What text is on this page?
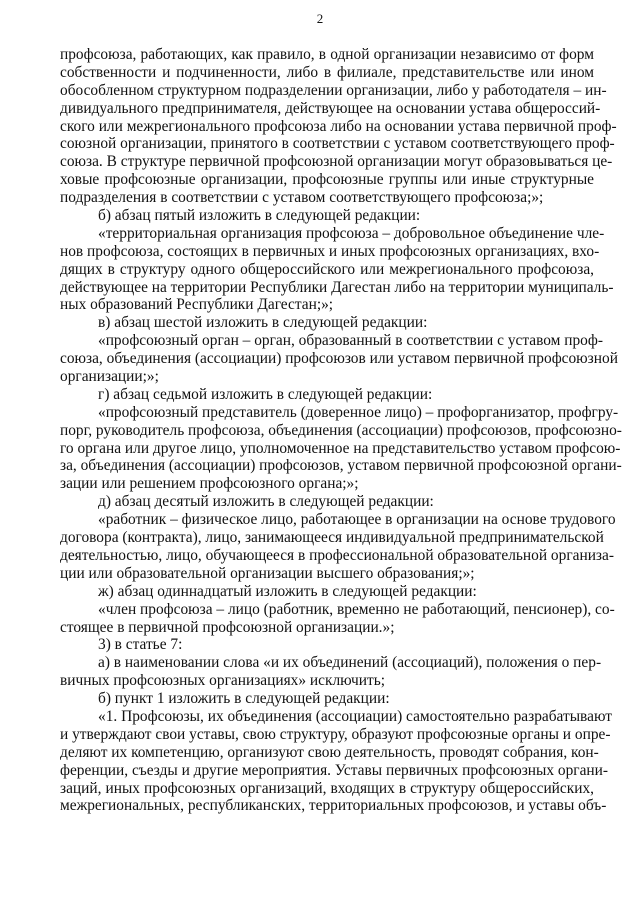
2
профсоюза, работающих, как правило, в одной организации независимо от форм
собственности и подчиненности, либо в филиале, представительстве или ином
обособленном структурном подразделении организации, либо у работодателя – ин-
дивидуального предпринимателя, действующее на основании устава общероссий-
ского или межрегионального профсоюза либо на основании устава первичной проф-
союзной организации, принятого в соответствии с уставом соответствующего проф-
союза. В структуре первичной профсоюзной организации могут образовываться це-
ховые профсоюзные организации, профсоюзные группы или иные структурные
подразделения в соответствии с уставом соответствующего профсоюза;»;
б) абзац пятый изложить в следующей редакции:
«территориальная организация профсоюза – добровольное объединение чле-
нов профсоюза, состоящих в первичных и иных профсоюзных организациях, вхо-
дящих в структуру одного общероссийского или межрегионального профсоюза,
действующее на территории Республики Дагестан либо на территории муниципаль-
ных образований Республики Дагестан;»;
в) абзац шестой изложить в следующей редакции:
«профсоюзный орган – орган, образованный в соответствии с уставом проф-
союза, объединения (ассоциации) профсоюзов или уставом первичной профсоюзной
организации;»;
г) абзац седьмой изложить в следующей редакции:
«профсоюзный представитель (доверенное лицо) – профорганизатор, профгру-
порг, руководитель профсоюза, объединения (ассоциации) профсоюзов, профсоюзно-
го органа или другое лицо, уполномоченное на представительство уставом профсою-
за, объединения (ассоциации) профсоюзов, уставом первичной профсоюзной органи-
зации или решением профсоюзного органа;»;
д) абзац десятый изложить в следующей редакции:
«работник – физическое лицо, работающее в организации на основе трудового
договора (контракта), лицо, занимающееся индивидуальной предпринимательской
деятельностью, лицо, обучающееся в профессиональной образовательной организа-
ции или образовательной организации высшего образования;»;
ж) абзац одиннадцатый изложить в следующей редакции:
«член профсоюза – лицо (работник, временно не работающий, пенсионер), со-
стоящее в первичной профсоюзной организации.»;
3) в статье 7:
а) в наименовании слова «и их объединений (ассоциаций), положения о пер-
вичных профсоюзных организациях» исключить;
б) пункт 1 изложить в следующей редакции:
«1. Профсоюзы, их объединения (ассоциации) самостоятельно разрабатывают
и утверждают свои уставы, свою структуру, образуют профсоюзные органы и опре-
деляют их компетенцию, организуют свою деятельность, проводят собрания, кон-
ференции, съезды и другие мероприятия. Уставы первичных профсоюзных органи-
заций, иных профсоюзных организаций, входящих в структуру общероссийских,
межрегиональных, республиканских, территориальных профсоюзов, и уставы объ-
